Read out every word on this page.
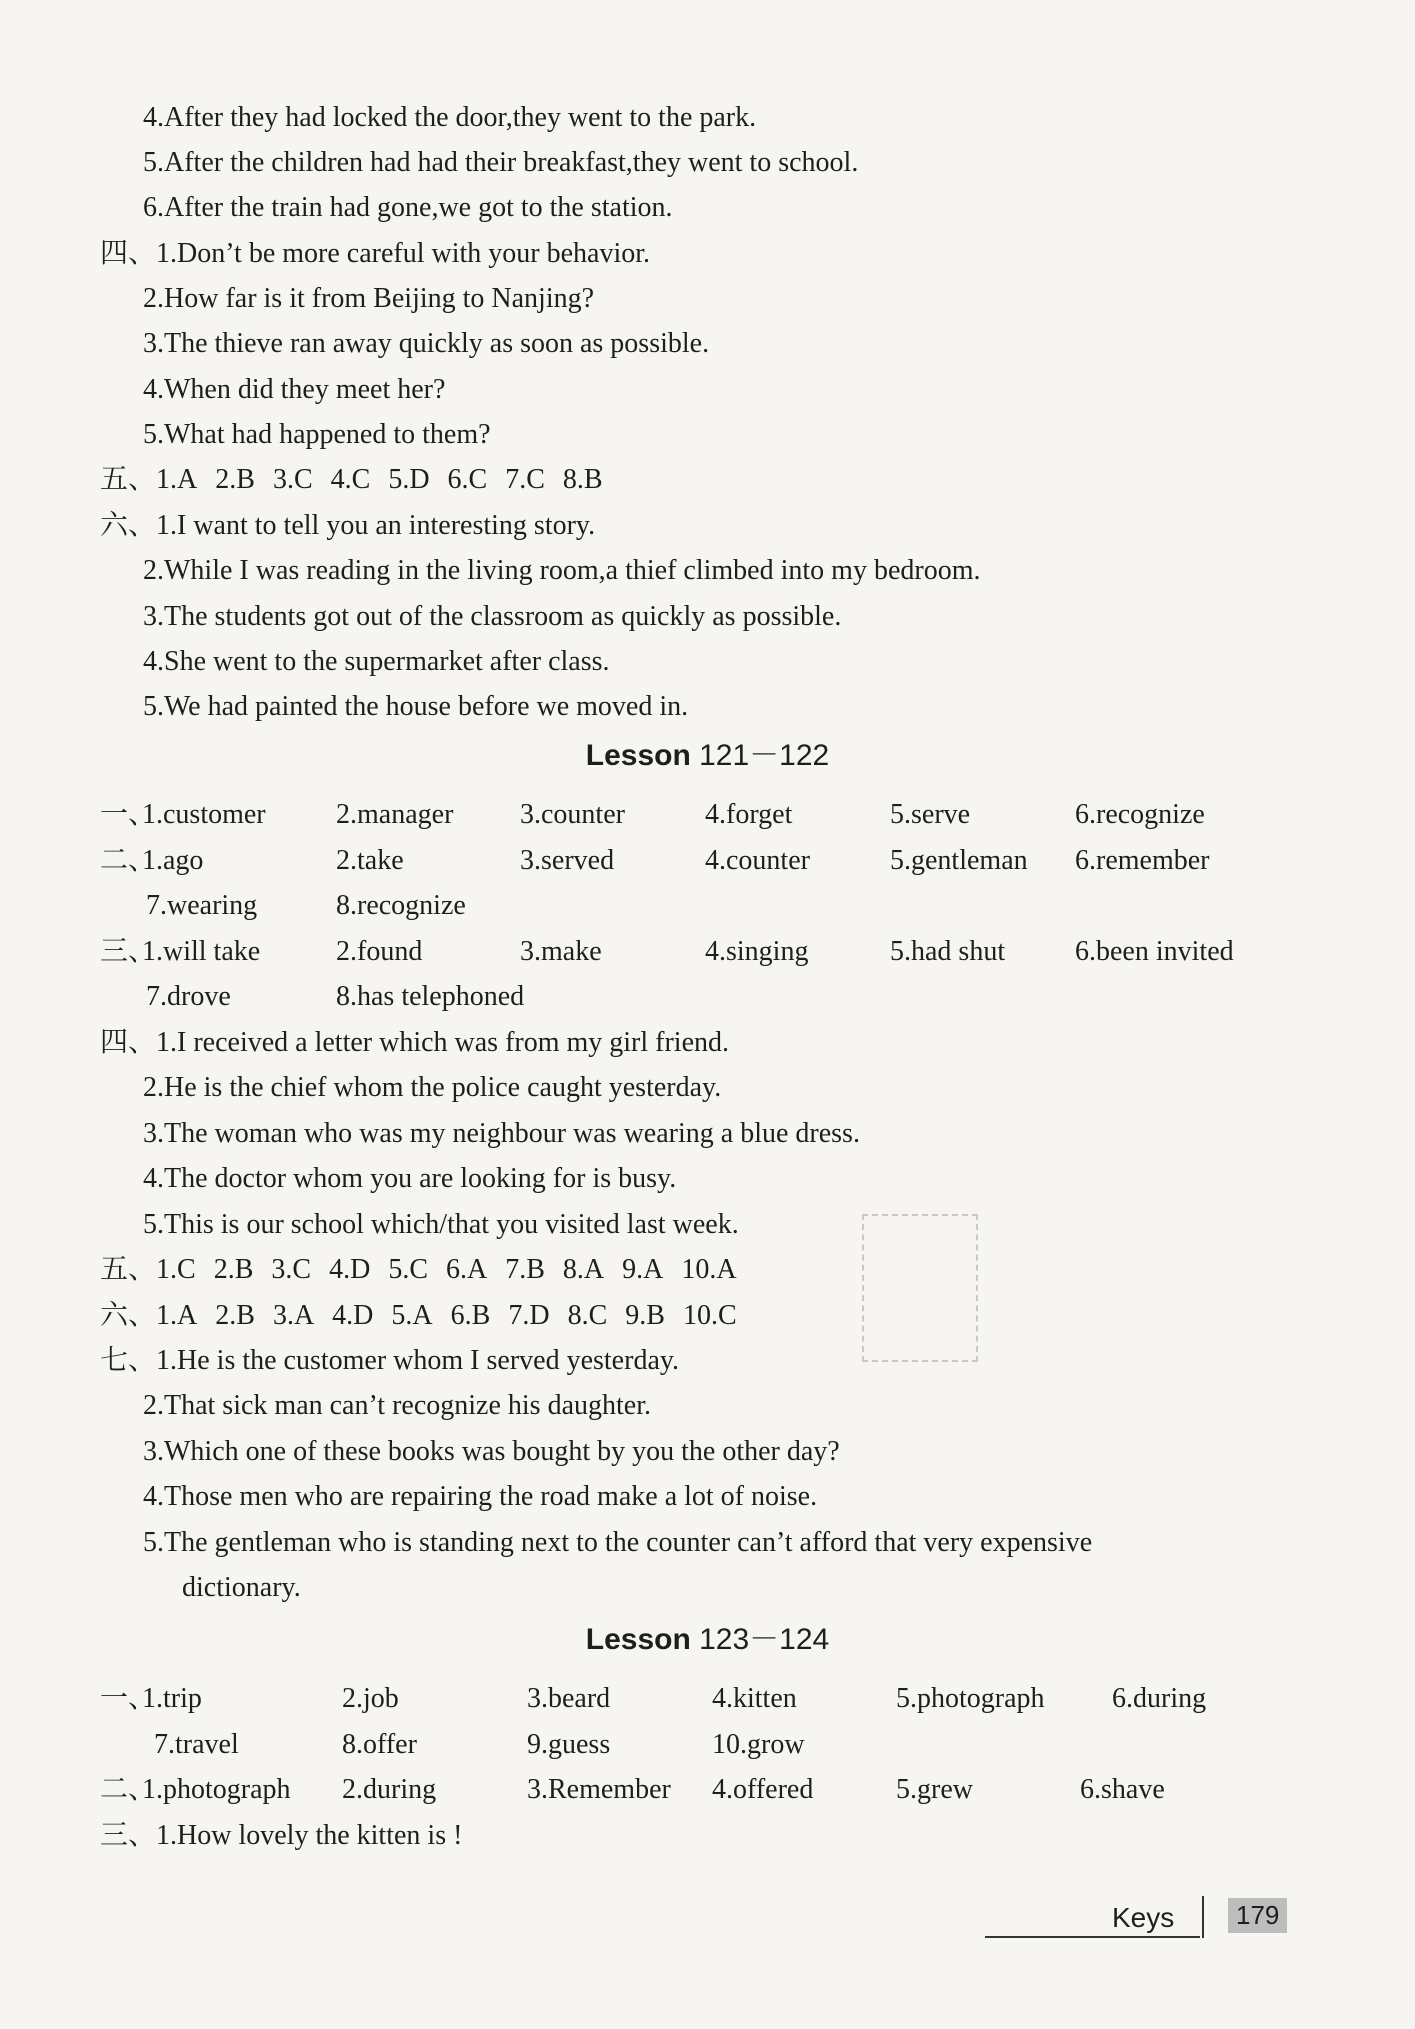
4.After they had locked the door,they went to the park.
5.After the children had had their breakfast,they went to school.
6.After the train had gone,we got to the station.
四、1.Don’t be more careful with your behavior.
2.How far is it from Beijing to Nanjing?
3.The thieve ran away quickly as soon as possible.
4.When did they meet her?
5.What had happened to them?
五、1.A 2.B 3.C 4.C 5.D 6.C 7.C 8.B
六、1.I want to tell you an interesting story.
2.While I was reading in the living room,a thief climbed into my bedroom.
3.The students got out of the classroom as quickly as possible.
4.She went to the supermarket after class.
5.We had painted the house before we moved in.
Lesson 121－122
一、
1.customer	2.manager 3.counter	4.forget	5.serve	6.recognize
二、
1.ago	2.take	3.served	4.counter	5.gentleman 6.remember
7.wearing	8.recognize
三、
1.will take	2.found	3.make	4.singing	5.had shut 6.been invited
7.drove	8.has telephoned
四、1.I received a letter which was from my girl friend.
2.He is the chief whom the police caught yesterday.
3.The woman who was my neighbour was wearing a blue dress.
4.The doctor whom you are looking for is busy.
5.This is our school which/that you visited last week.
五、1.C 2.B 3.C 4.D 5.C 6.A 7.B 8.A 9.A 10.A
六、1.A 2.B 3.A 4.D 5.A 6.B 7.D 8.C 9.B 10.C
七、1.He is the customer whom I served yesterday.
2.That sick man can’t recognize his daughter.
3.Which one of these books was bought by you the other day?
4.Those men who are repairing the road make a lot of noise.
5.The gentleman who is standing next to the counter can’t afford that very expensive
dictionary.
Lesson 123－124
一、
1.trip	2.job	3.beard	4.kitten	5.photograph 6.during
7.travel	8.offer	9.guess	10.grow
二、
1.photograph 2.during	3.Remember 4.offered	5.grew	6.shave
三、1.How lovely the kitten is !
Keys	179
